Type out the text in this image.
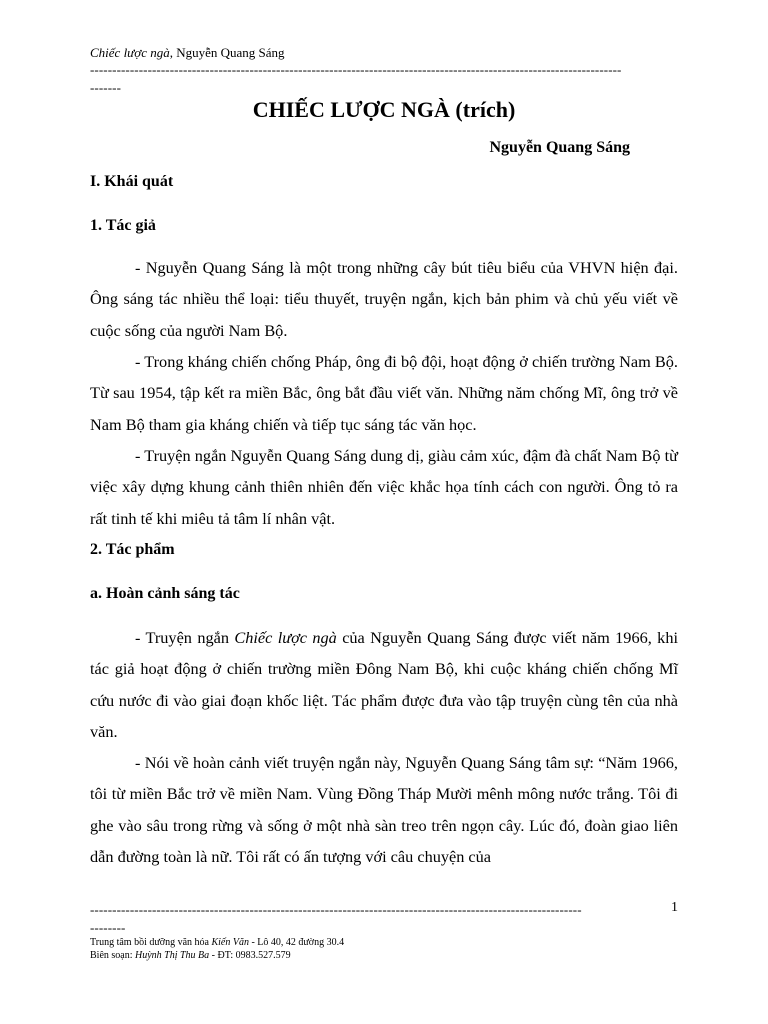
Chiếc lược ngà, Nguyễn Quang Sáng
------------------------------------------------------------------------------------------------------------------------
-------
CHIẾC LƯỢC NGÀ (trích)
Nguyễn Quang Sáng
I. Khái quát
1. Tác giả
- Nguyễn Quang Sáng là một trong những cây bút tiêu biểu của VHVN hiện đại. Ông sáng tác nhiều thể loại: tiểu thuyết, truyện ngắn, kịch bản phim và chủ yếu viết về cuộc sống của người Nam Bộ.
- Trong kháng chiến chống Pháp, ông đi bộ đội, hoạt động ở chiến trường Nam Bộ. Từ sau 1954, tập kết ra miền Bắc, ông bắt đầu viết văn. Những năm chống Mĩ, ông trở về Nam Bộ tham gia kháng chiến và tiếp tục sáng tác văn học.
- Truyện ngắn Nguyễn Quang Sáng dung dị, giàu cảm xúc, đậm đà chất Nam Bộ từ việc xây dựng khung cảnh thiên nhiên đến việc khắc họa tính cách con người. Ông tỏ ra rất tinh tế khi miêu tả tâm lí nhân vật.
2. Tác phẩm
a. Hoàn cảnh sáng tác
- Truyện ngắn Chiếc lược ngà của Nguyễn Quang Sáng được viết năm 1966, khi tác giả hoạt động ở chiến trường miền Đông Nam Bộ, khi cuộc kháng chiến chống Mĩ cứu nước đi vào giai đoạn khốc liệt. Tác phẩm được đưa vào tập truyện cùng tên của nhà văn.
- Nói về hoàn cảnh viết truyện ngắn này, Nguyễn Quang Sáng tâm sự: “Năm 1966, tôi từ miền Bắc trở về miền Nam. Vùng Đồng Tháp Mười mênh mông nước trắng. Tôi đi ghe vào sâu trong rừng và sống ở một nhà sàn treo trên ngọn cây. Lúc đó, đoàn giao liên dẫn đường toàn là nữ. Tôi rất có ấn tượng với câu chuyện của
---------------------------------------------------------------------------------------------------------------	1
--------
Trung tâm bồi dưỡng văn hóa Kiến Văn - Lô 40, 42 đường 30.4
Biên soạn: Huỳnh Thị Thu Ba - ĐT: 0983.527.579
